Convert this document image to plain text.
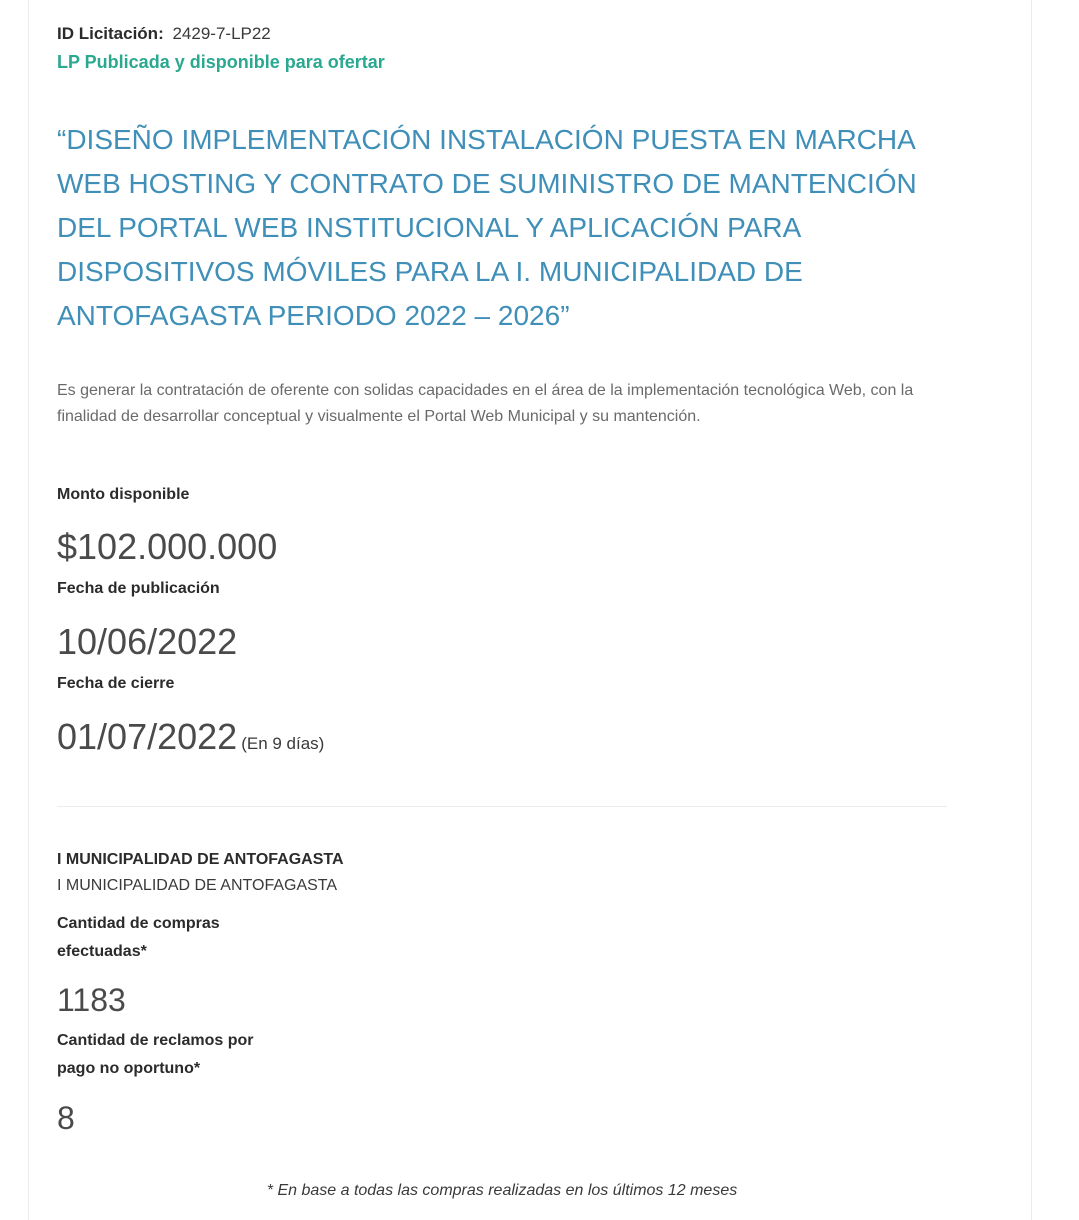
ID Licitación: 2429-7-LP22
LP Publicada y disponible para ofertar
“DISEÑO IMPLEMENTACIÓN INSTALACIÓN PUESTA EN MARCHA WEB HOSTING Y CONTRATO DE SUMINISTRO DE MANTENCIÓN DEL PORTAL WEB INSTITUCIONAL Y APLICACIÓN PARA DISPOSITIVOS MÓVILES PARA LA I. MUNICIPALIDAD DE ANTOFAGASTA PERIODO 2022 – 2026”
Es generar la contratación de oferente con solidas capacidades en el área de la implementación tecnológica Web, con la finalidad de desarrollar conceptual y visualmente el Portal Web Municipal y su mantención.
Monto disponible
$102.000.000
Fecha de publicación
10/06/2022
Fecha de cierre
01/07/2022 (En 9 días)
I MUNICIPALIDAD DE ANTOFAGASTA
I MUNICIPALIDAD DE ANTOFAGASTA
Cantidad de compras efectuadas*
1183
Cantidad de reclamos por pago no oportuno*
8
* En base a todas las compras realizadas en los últimos 12 meses
